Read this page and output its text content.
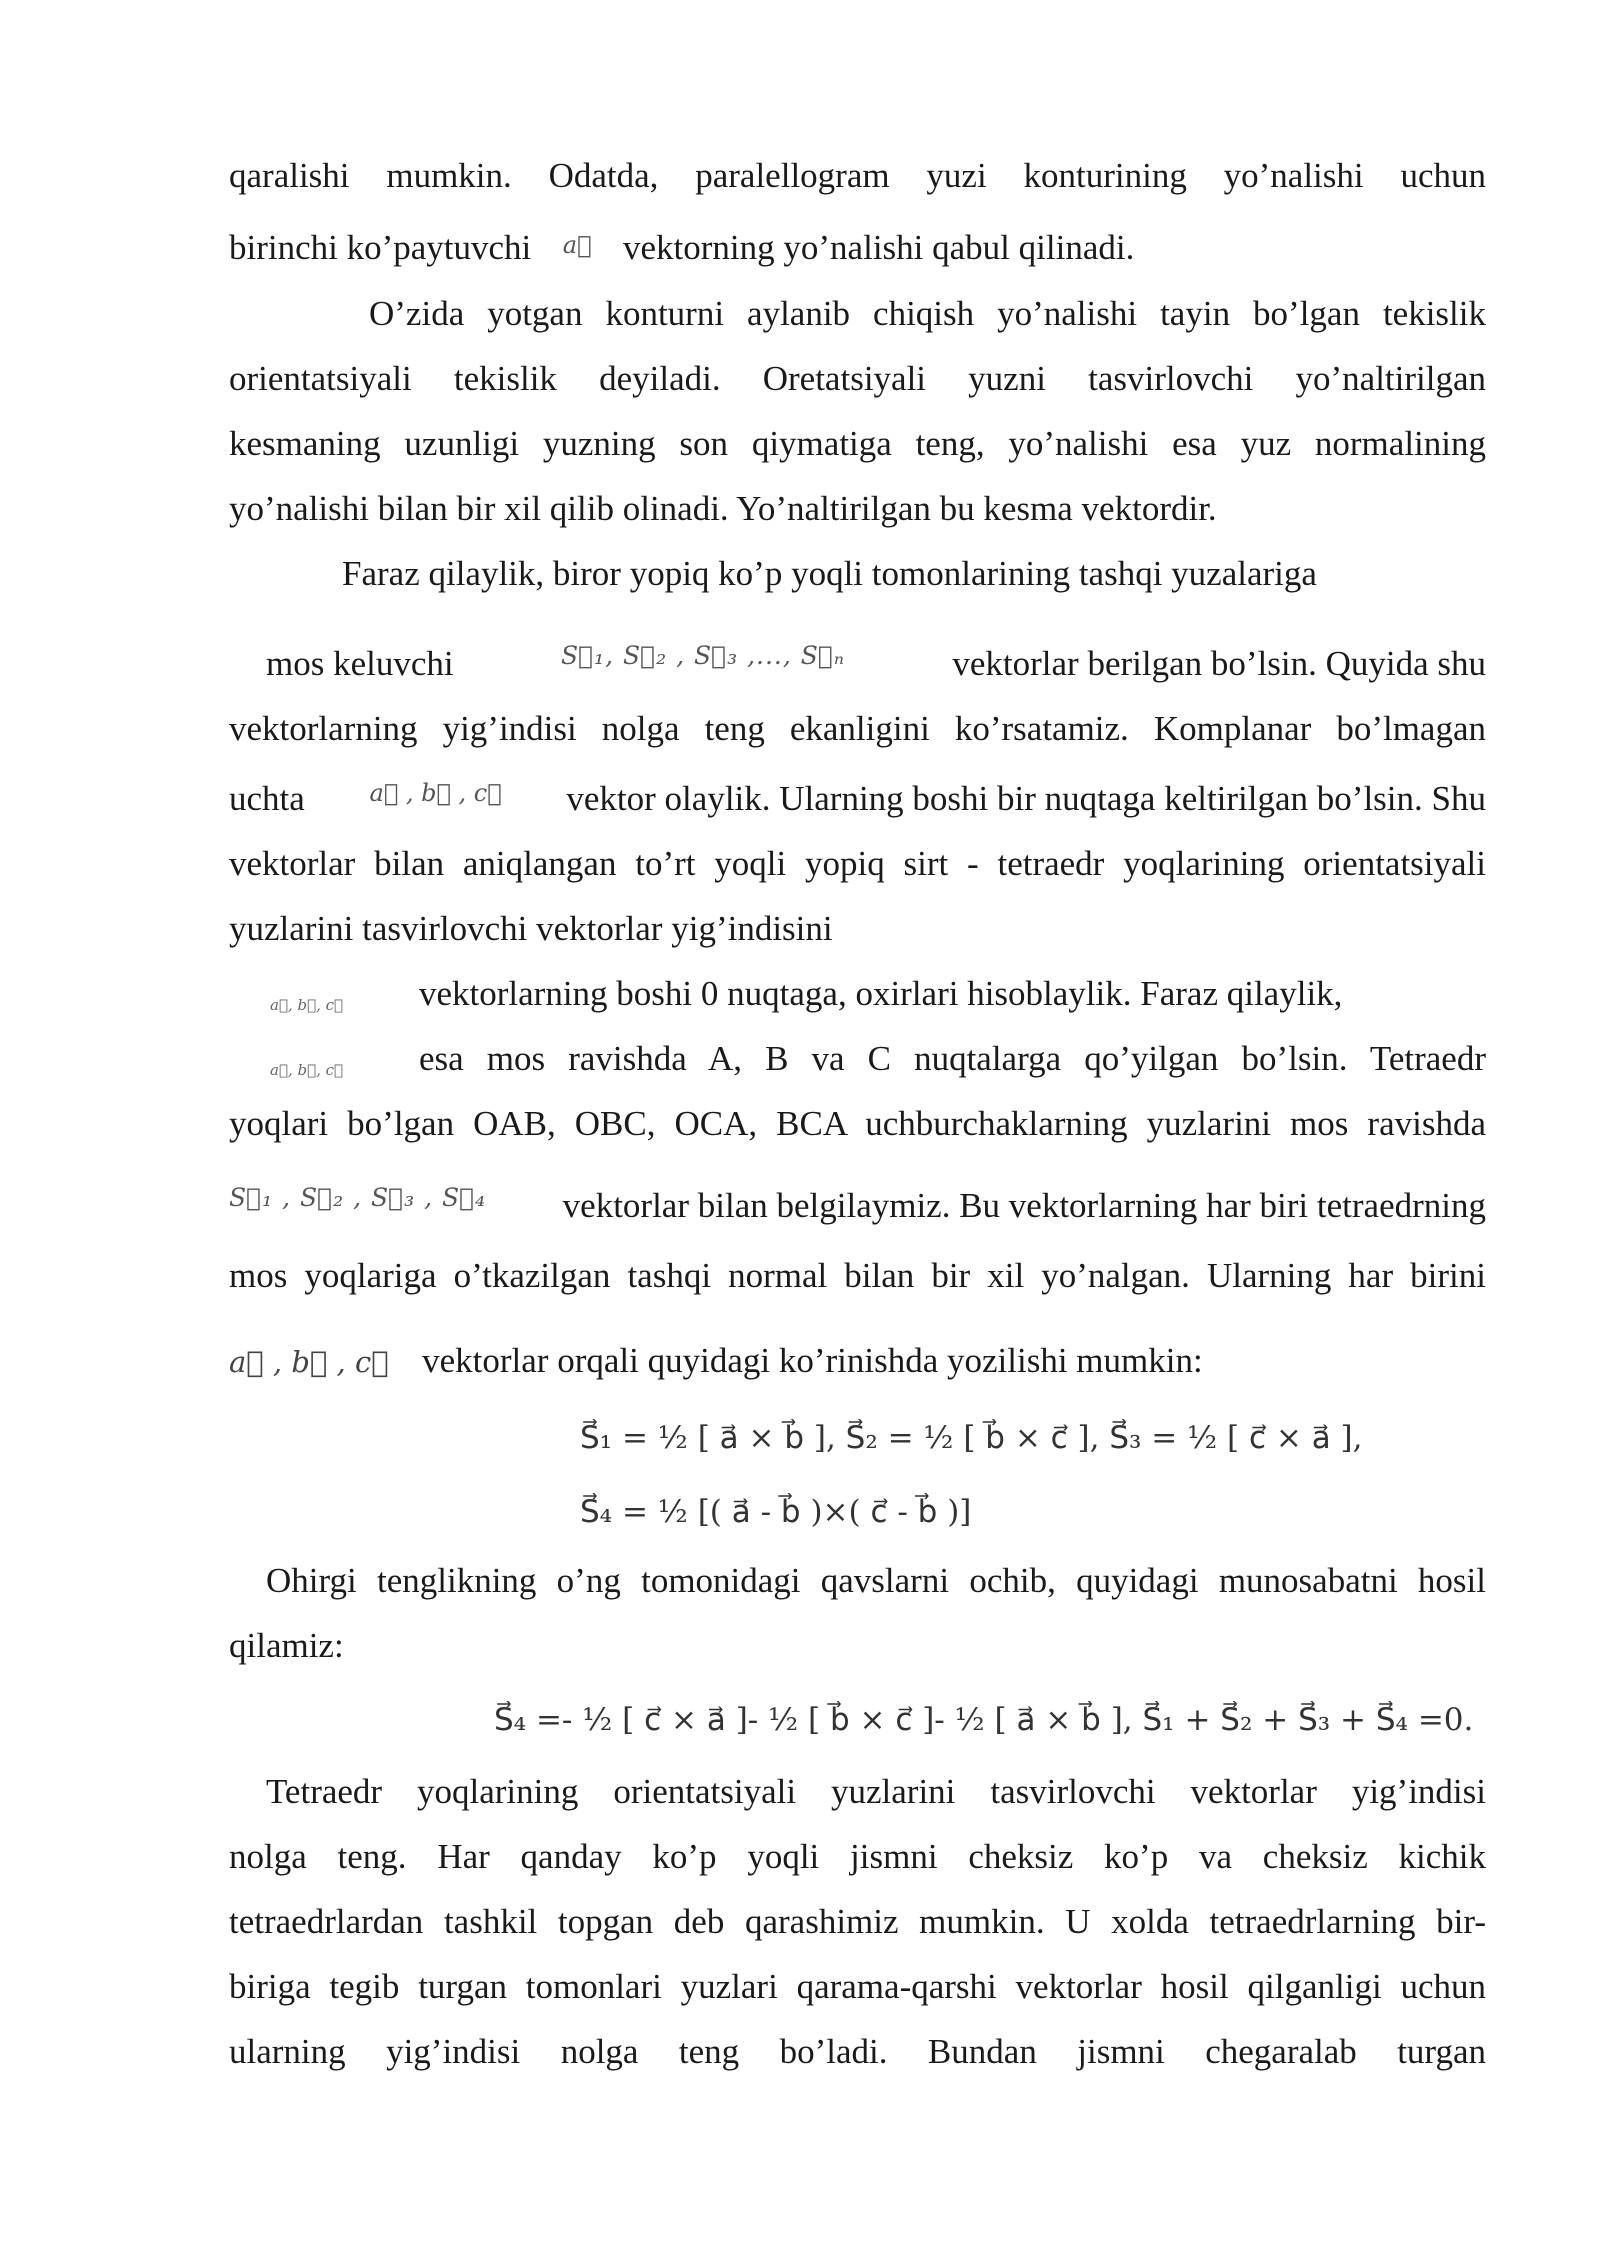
qaralishi mumkin. Odatda, paralellogram yuzi konturining yo’nalishi uchun
birinchi ko’paytuvchi a⃗ vektorning yo’nalishi qabul qilinadi.
O’zida yotgan konturni aylanib chiqish yo’nalishi tayin bo’lgan tekislik
orientatsiyali tekislik deyiladi. Oretatsiyali yuzni tasvirlovchi yo’naltirilgan
kesmaning uzunligi yuzning son qiymatiga teng, yo’nalishi esa yuz normalining
yo’nalishi bilan bir xil qilib olinadi. Yo’naltirilgan bu kesma vektordir.
Faraz qilaylik, biror yopiq ko’p yoqli tomonlarining tashqi yuzalariga
mos keluvchi	S⃗₁, S⃗₂ , S⃗₃ ,..., S⃗ₙ	vektorlar berilgan bo’lsin. Quyida shu
vektorlarning yig’indisi nolga teng ekanligini ko’rsatamiz. Komplanar bo’lmagan
uchta	a⃗ , b⃗ , c⃗ vektor olaylik. Ularning boshi bir nuqtaga keltirilgan bo’lsin. Shu
vektorlar bilan aniqlangan to’rt yoqli yopiq sirt - tetraedr yoqlarining orientatsiyali
yuzlarini tasvirlovchi vektorlar yig’indisini
a⃗, b⃗, c⃗ vektorlarning boshi 0 nuqtaga, oxirlari hisoblaylik. Faraz qilaylik,
a⃗, b⃗, c⃗ esa mos ravishda A, B va C nuqtalarga qo’yilgan bo’lsin. Tetraedr
yoqlari bo’lgan OAB, OBC, OCA, BCA uchburchaklarning yuzlarini mos ravishda
S⃗₁ , S⃗₂ , S⃗₃ , S⃗₄ vektorlar bilan belgilaymiz. Bu vektorlarning har biri tetraedrning
mos yoqlariga o’tkazilgan tashqi normal bilan bir xil yo’nalgan. Ularning har birini
a⃗ , b⃗ , c⃗ vektorlar orqali quyidagi ko’rinishda yozilishi mumkin:
S⃗₁ = ½ [ a⃗ × b⃗ ], S⃗₂ = ½ [ b⃗ × c⃗ ], S⃗₃ = ½ [ c⃗ × a⃗ ],
S⃗₄ = ½ [( a⃗ - b⃗ )×( c⃗ - b⃗ )]
Ohirgi tenglikning o’ng tomonidagi qavslarni ochib, quyidagi munosabatni hosil
qilamiz:
S⃗₄ =- ½ [ c⃗ × a⃗ ]- ½ [ b⃗ × c⃗ ]- ½ [ a⃗ × b⃗ ], S⃗₁ + S⃗₂ + S⃗₃ + S⃗₄ =0.
Tetraedr yoqlarining orientatsiyali yuzlarini tasvirlovchi vektorlar yig’indisi
nolga teng. Har qanday ko’p yoqli jismni cheksiz ko’p va cheksiz kichik
tetraedrlardan tashkil topgan deb qarashimiz mumkin. U xolda tetraedrlarning bir-
biriga tegib turgan tomonlari yuzlari qarama-qarshi vektorlar hosil qilganligi uchun
ularning yig’indisi nolga teng bo’ladi. Bundan jismni chegaralab turgan
